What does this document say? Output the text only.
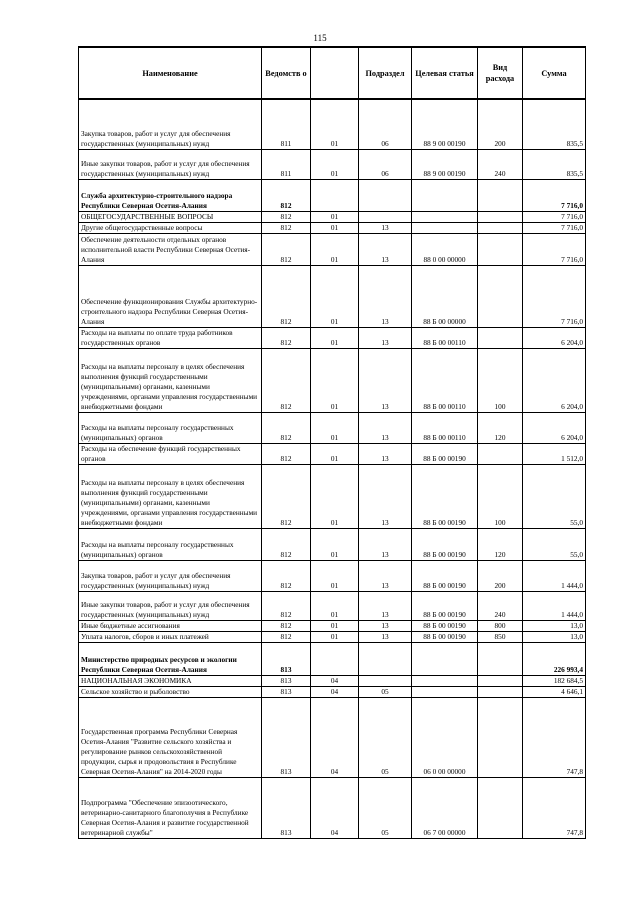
115
Наименование	Ведомств о		Подраздел	Целевая статья	Вид расхода	Сумма
Закупка товаров, работ и услуг для обеспечения государственных (муниципальных) нужд	811	01	06	88 9 00 00190	200	835,5
Иные закупки товаров, работ и услуг для обеспечения государственных (муниципальных) нужд	811	01	06	88 9 00 00190	240	835,5
Служба архитектурно-строительного надзора Республики Северная Осетия-Алания	812					7 716,0
ОБЩЕГОСУДАРСТВЕННЫЕ ВОПРОСЫ	812	01				7 716,0
Другие общегосударственные вопросы	812	01	13			7 716,0
Обеспечение деятельности отдельных органов исполнительной власти Республики Северная Осетия-Алания	812	01	13	88 0 00 00000		7 716,0
Обеспечение функционирования Службы архитектурно-строительного надзора Республики Северная Осетия-Алания	812	01	13	88 Б 00 00000		7 716,0
Расходы на выплаты по оплате труда работников государственных органов	812	01	13	88 Б 00 00110		6 204,0
Расходы на выплаты персоналу в целях обеспечения выполнения функций государственными (муниципальными) органами, казенными учреждениями, органами управления государственными внебюджетными фондами	812	01	13	88 Б 00 00110	100	6 204,0
Расходы на выплаты персоналу государственных (муниципальных) органов	812	01	13	88 Б 00 00110	120	6 204,0
Расходы на обеспечение функций государственных органов	812	01	13	88 Б 00 00190		1 512,0
Расходы на выплаты персоналу в целях обеспечения выполнения функций государственными (муниципальными) органами, казенными учреждениями, органами управления государственными внебюджетными фондами	812	01	13	88 Б 00 00190	100	55,0
Расходы на выплаты персоналу государственных (муниципальных) органов	812	01	13	88 Б 00 00190	120	55,0
Закупка товаров, работ и услуг для обеспечения государственных (муниципальных) нужд	812	01	13	88 Б 00 00190	200	1 444,0
Иные закупки товаров, работ и услуг для обеспечения государственных (муниципальных) нужд	812	01	13	88 Б 00 00190	240	1 444,0
Иные бюджетные ассигнования	812	01	13	88 Б 00 00190	800	13,0
Уплата налогов, сборов и иных платежей	812	01	13	88 Б 00 00190	850	13,0
Министерство природных ресурсов и экологии Республики Северная Осетия-Алания	813					226 993,4
НАЦИОНАЛЬНАЯ ЭКОНОМИКА	813	04				182 684,5
Сельское хозяйство и рыболовство	813	04	05			4 646,1
Государственная программа Республики Северная Осетия-Алания "Развитие сельского хозяйства и регулирование рынков сельскохозяйственной продукции, сырья и продовольствия в Республике Северная Осетия-Алания" на 2014-2020 годы	813	04	05	06 0 00 00000		747,8
Подпрограмма "Обеспечение эпизоотического, ветеринарно-санитарного благополучия в Республике Северная Осетия-Алания и развитие государственной ветеринарной службы"	813	04	05	06 7 00 00000		747,8
